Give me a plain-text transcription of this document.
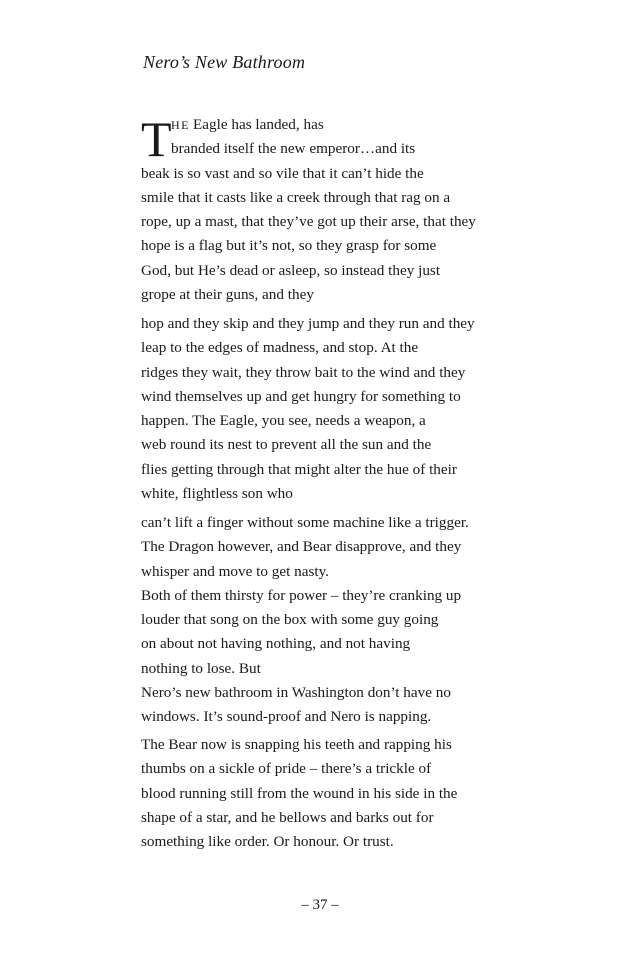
Nero’s New Bathroom
T HE Eagle has landed, has
branded itself the new emperor…and its
beak is so vast and so vile that it can’t hide the
smile that it casts like a creek through that rag on a
rope, up a mast, that they’ve got up their arse, that they
hope is a flag but it’s not, so they grasp for some
God, but He’s dead or asleep, so instead they just
grope at their guns, and they
hop and they skip and they jump and they run and they
leap to the edges of madness, and stop. At the
ridges they wait, they throw bait to the wind and they
wind themselves up and get hungry for something to
happen. The Eagle, you see, needs a weapon, a
web round its nest to prevent all the sun and the
flies getting through that might alter the hue of their
white, flightless son who
can’t lift a finger without some machine like a trigger.
The Dragon however, and Bear disapprove, and they
whisper and move to get nasty.
Both of them thirsty for power – they’re cranking up
louder that song on the box with some guy going
on about not having nothing, and not having
nothing to lose. But
Nero’s new bathroom in Washington don’t have no
windows. It’s sound-proof and Nero is napping.
The Bear now is snapping his teeth and rapping his
thumbs on a sickle of pride – there’s a trickle of
blood running still from the wound in his side in the
shape of a star, and he bellows and barks out for
something like order. Or honour. Or trust.
– 37 –
